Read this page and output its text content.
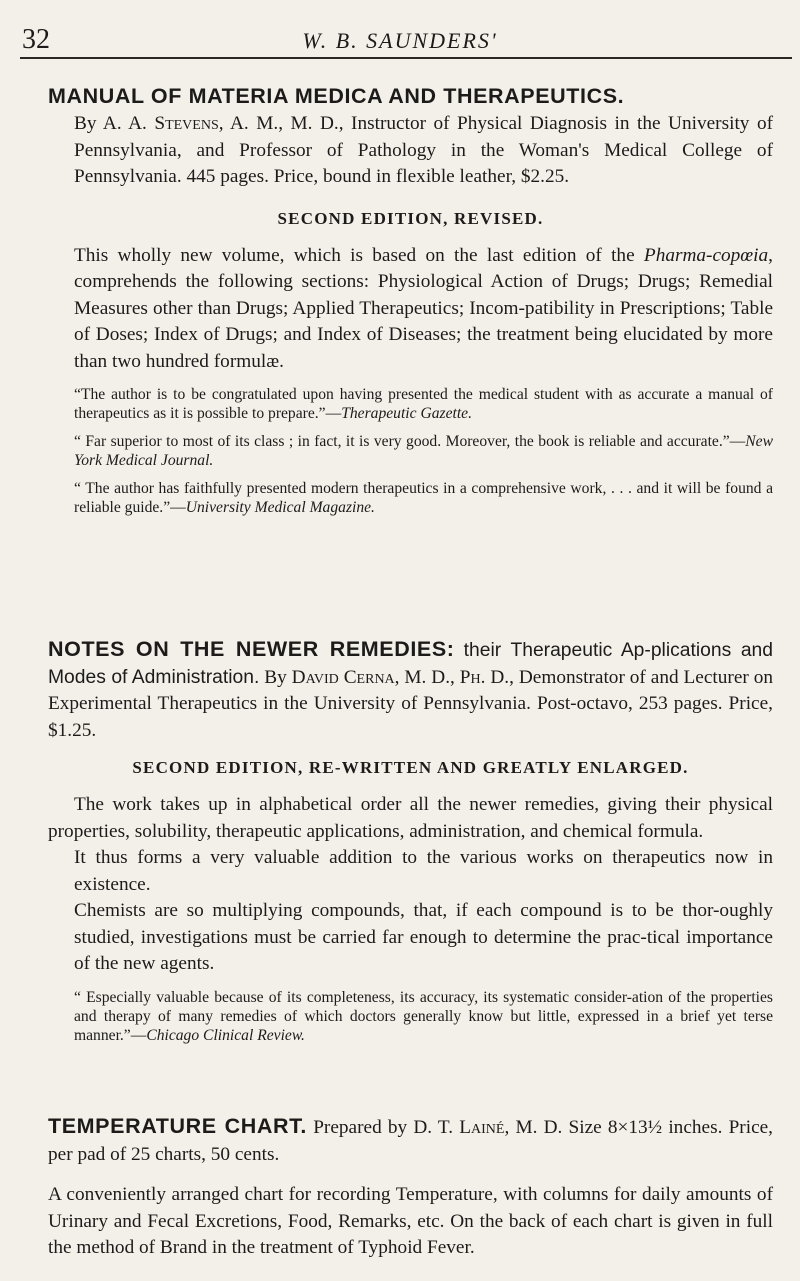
32	W. B. SAUNDERS'
MANUAL OF MATERIA MEDICA AND THERAPEUTICS.

By A. A. Stevens, A. M., M. D., Instructor of Physical Diagnosis in the University of Pennsylvania, and Professor of Pathology in the Woman's Medical College of Pennsylvania. 445 pages. Price, bound in flexible leather, $2.25.

SECOND EDITION, REVISED.

This wholly new volume, which is based on the last edition of the Pharma-copœia, comprehends the following sections: Physiological Action of Drugs; Drugs; Remedial Measures other than Drugs; Applied Therapeutics; Incom-patibility in Prescriptions; Table of Doses; Index of Drugs; and Index of Diseases; the treatment being elucidated by more than two hundred formulæ.

“The author is to be congratulated upon having presented the medical student with as accurate a manual of therapeutics as it is possible to prepare.”—Therapeutic Gazette.

“ Far superior to most of its class ; in fact, it is very good. Moreover, the book is reliable and accurate.”—New York Medical Journal.

“ The author has faithfully presented modern therapeutics in a comprehensive work, . . . and it will be found a reliable guide.”—University Medical Magazine.

NOTES ON THE NEWER REMEDIES: their Therapeutic Ap-plications and Modes of Administration. By David Cerna, M. D., Ph. D., Demonstrator of and Lecturer on Experimental Therapeutics in the University of Pennsylvania. Post-octavo, 253 pages. Price, $1.25.

SECOND EDITION, RE-WRITTEN AND GREATLY ENLARGED.

The work takes up in alphabetical order all the newer remedies, giving their physical properties, solubility, therapeutic applications, administration, and chemical formula.

It thus forms a very valuable addition to the various works on therapeutics now in existence.

Chemists are so multiplying compounds, that, if each compound is to be thor-oughly studied, investigations must be carried far enough to determine the prac-tical importance of the new agents.

“ Especially valuable because of its completeness, its accuracy, its systematic consider-ation of the properties and therapy of many remedies of which doctors generally know but little, expressed in a brief yet terse manner.”—Chicago Clinical Review.

TEMPERATURE CHART. Prepared by D. T. Lainé, M. D. Size 8×13½ inches. Price, per pad of 25 charts, 50 cents.

A conveniently arranged chart for recording Temperature, with columns for daily amounts of Urinary and Fecal Excretions, Food, Remarks, etc. On the back of each chart is given in full the method of Brand in the treatment of Typhoid Fever.
